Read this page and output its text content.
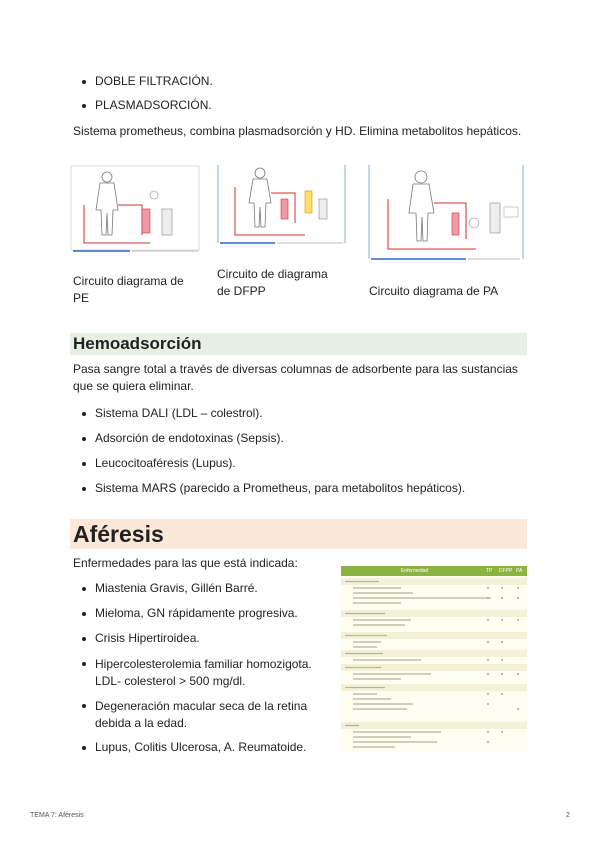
DOBLE FILTRACIÓN.
PLASMADSORCIÓN.

Sistema prometheus, combina plasmadsorción y HD. Elimina metabolitos hepáticos.

Circuito diagrama de PE
Circuito de diagrama de DFPP	Circuito diagrama de PA
Hemoadsorción

Pasa sangre total a través de diversas columnas de adsorbente para las sustancias que se quiera eliminar.

Sistema DALI (LDL – colestrol).
Adsorción de endotoxinas (Sepsis).
Leucocitoaféresis (Lupus).
Sistema MARS (parecido a Prometheus, para metabolitos hepáticos).
Aféresis

Enfermedades para las que está indicada:

Miastenia Gravis, Gillén Barré.
Mieloma, GN rápidamente progresiva.
Crisis Hipertiroidea.
Hipercolesterolemia familiar homozigota. LDL- colesterol > 500 mg/dl.
Degeneración macular seca de la retina debida a la edad.
Lupus, Colitis Ulcerosa, A. Reumatoide.
Enfermedad	TP DFPP PA
TEMA 7: Aféresis	2
